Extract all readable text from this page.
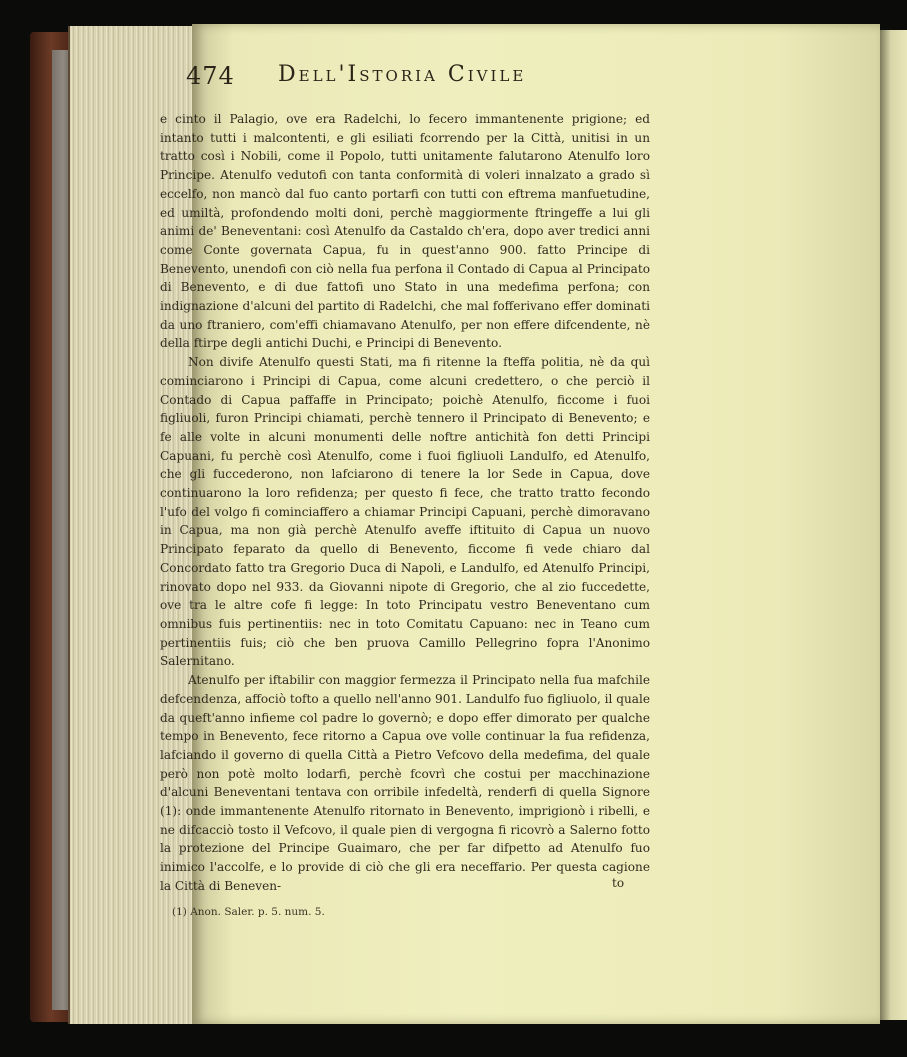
474 Dell'Istoria Civile

e cinto il Palagio, ove era Radelchi, lo fecero immantenente prigione; ed intanto tutti i malcontenti, e gli esiliati fcorrendo per la Città, unitisi in un tratto così i Nobili, come il Popolo, tutti unitamente falutarono Atenulfo loro Principe. Atenulfo vedutofi con tanta conformità di voleri innalzato a grado sì eccelfo, non mancò dal fuo canto portarfi con tutti con eftrema manfuetudine, ed umiltà, profondendo molti doni, perchè maggiormente ftringeffe a lui gli animi de' Beneventani: così Atenulfo da Castaldo ch'era, dopo aver tredici anni come Conte governata Capua, fu in quest'anno 900. fatto Principe di Benevento, unendofi con ciò nella fua perfona il Contado di Capua al Principato di Benevento, e di due fattofi uno Stato in una medefima perfona; con indignazione d'alcuni del partito di Radelchi, che mal fofferivano effer dominati da uno ftraniero, com'effi chiamavano Atenulfo, per non effere difcendente, nè della ftirpe degli antichi Duchi, e Principi di Benevento.

Non divife Atenulfo questi Stati, ma fi ritenne la fteffa politia, nè da quì cominciarono i Principi di Capua, come alcuni credettero, o che perciò il Contado di Capua paffaffe in Principato; poichè Atenulfo, ficcome i fuoi figliuoli, furon Principi chiamati, perchè tennero il Principato di Benevento; e fe alle volte in alcuni monumenti delle noftre antichità fon detti Principi Capuani, fu perchè così Atenulfo, come i fuoi figliuoli Landulfo, ed Atenulfo, che gli fuccederono, non lafciarono di tenere la lor Sede in Capua, dove continuarono la loro refidenza; per questo fi fece, che tratto tratto fecondo l'ufo del volgo fi cominciaffero a chiamar Principi Capuani, perchè dimoravano in Capua, ma non già perchè Atenulfo aveffe iftituito di Capua un nuovo Principato feparato da quello di Benevento, ficcome fi vede chiaro dal Concordato fatto tra Gregorio Duca di Napoli, e Landulfo, ed Atenulfo Principi, rinovato dopo nel 933. da Giovanni nipote di Gregorio, che al zio fuccedette, ove tra le altre cofe fi legge: In toto Principatu vestro Beneventano cum omnibus fuis pertinentiis: nec in toto Comitatu Capuano: nec in Teano cum pertinentiis fuis; ciò che ben pruova Camillo Pellegrino fopra l'Anonimo Salernitano.

Atenulfo per iftabilir con maggior fermezza il Principato nella fua mafchile defcendenza, affociò tofto a quello nell'anno 901. Landulfo fuo figliuolo, il quale da queft'anno infieme col padre lo governò; e dopo effer dimorato per qualche tempo in Benevento, fece ritorno a Capua ove volle continuar la fua refidenza, lafciando il governo di quella Città a Pietro Vefcovo della medefima, del quale però non potè molto lodarfi, perchè fcovrì che costui per macchinazione d'alcuni Beneventani tentava con orribile infedeltà, renderfi di quella Signore (1): onde immantenente Atenulfo ritornato in Benevento, imprigionò i ribelli, e ne difcacciò tosto il Vefcovo, il quale pien di vergogna fi ricovrò a Salerno fotto la protezione del Principe Guaimaro, che per far difpetto ad Atenulfo fuo inimico l'accolfe, e lo provide di ciò che gli era neceffario. Per questa cagione la Città di Beneven-	to
(1) Anon. Saler. p. 5. num. 5.
